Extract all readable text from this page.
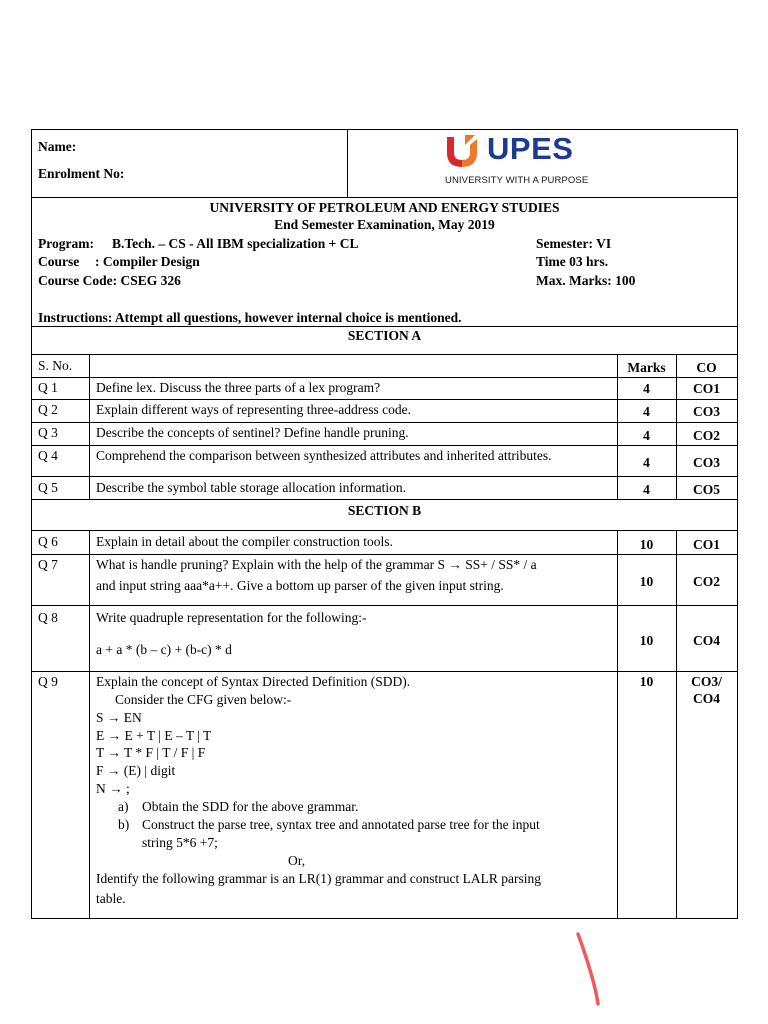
Name:
Enrolment No:
UPES
UNIVERSITY WITH A PURPOSE
UNIVERSITY OF PETROLEUM AND ENERGY STUDIES
End Semester Examination, May 2019
Program: B.Tech. – CS - All IBM specialization + CL	Semester: VI
Course : Compiler Design	Time 03 hrs.
Course Code: CSEG 326	Max. Marks: 100
Instructions: Attempt all questions, however internal choice is mentioned.
SECTION A
S. No.	Marks	CO
Q 1	Define lex. Discuss the three parts of a lex program?	4	CO1
Q 2	Explain different ways of representing three-address code.	4	CO3
Q 3	Describe the concepts of sentinel? Define handle pruning.	4	CO2
Q 4	Comprehend the comparison between synthesized attributes and inherited attributes.	4	CO3
Q 5	Describe the symbol table storage allocation information.	4	CO5
SECTION B
Q 6	Explain in detail about the compiler construction tools.	10	CO1
Q 7	What is handle pruning? Explain with the help of the grammar S → SS+ / SS* / a
and input string aaa*a++. Give a bottom up parser of the given input string.	10	CO2
Q 8	Write quadruple representation for the following:-
a + a * (b – c) + (b-c) * d
10	CO4
Q 9	Explain the concept of Syntax Directed Definition (SDD).
Consider the CFG given below:-
S → EN
E → E + T | E – T | T
T → T * F | T / F | F
F → (E) | digit
N → ;
a) Obtain the SDD for the above grammar.
b) Construct the parse tree, syntax tree and annotated parse tree for the input
string 5*6 +7;
Or,
Identify the following grammar is an LR(1) grammar and construct LALR parsing
table.
10	CO3/
CO4
